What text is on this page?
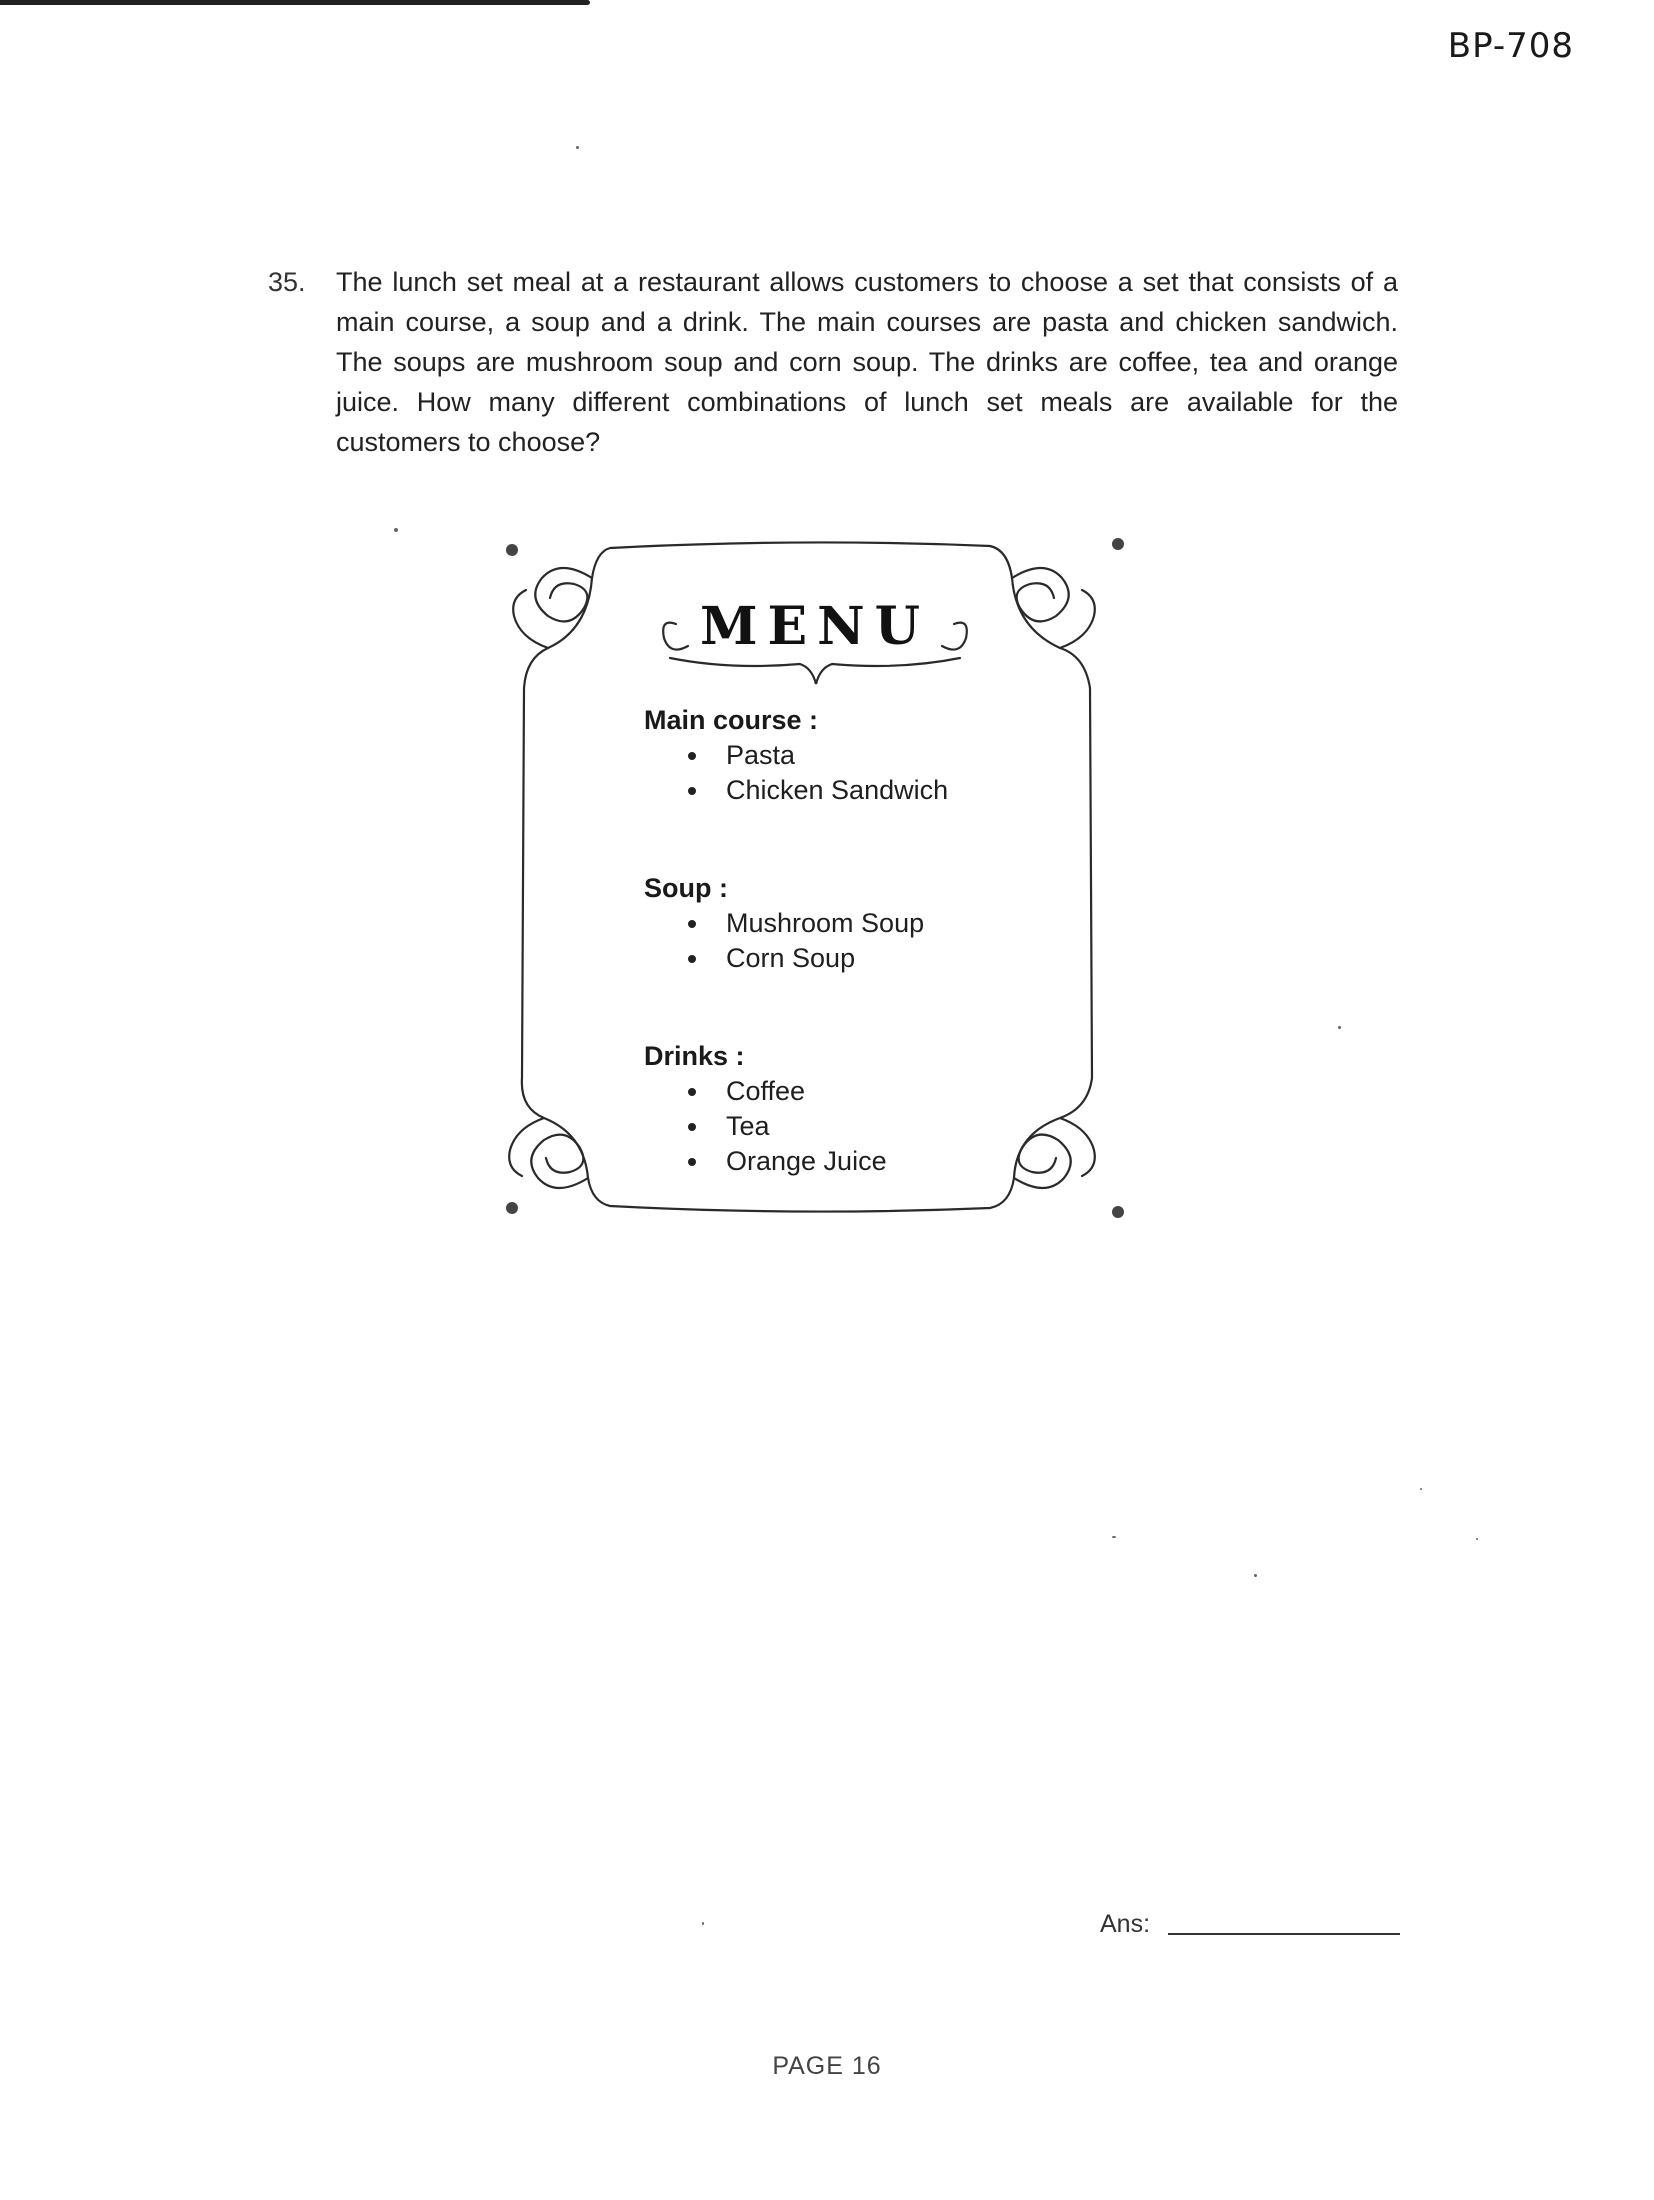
BP-708
35.	The lunch set meal at a restaurant allows customers to choose a set that consists of a main course, a soup and a drink. The main courses are pasta and chicken sandwich. The soups are mushroom soup and corn soup. The drinks are coffee, tea and orange juice. How many different combinations of lunch set meals are available for the customers to choose?

MENU

Main course :

Pasta
Chicken Sandwich

Soup :

Mushroom Soup
Corn Soup

Drinks :

Coffee
Tea
Orange Juice
Ans:
PAGE 16
